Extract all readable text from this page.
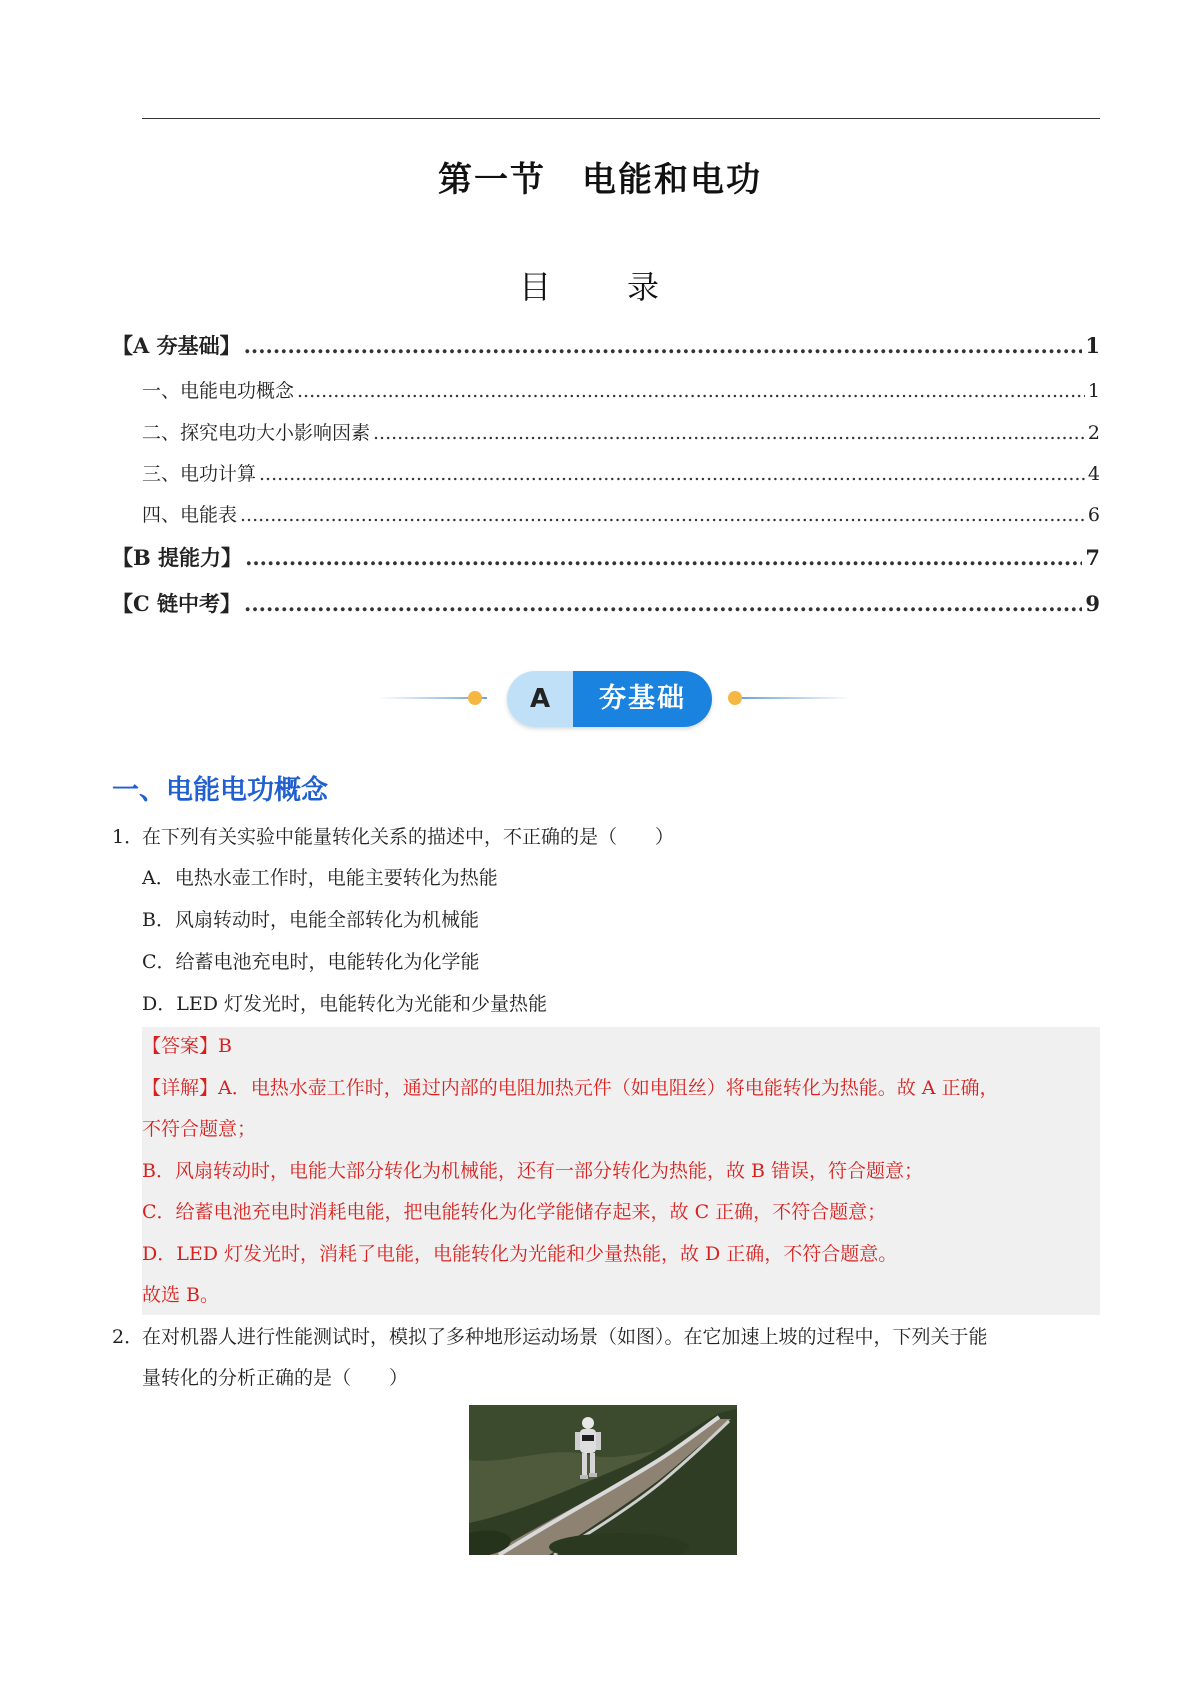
第一节　电能和电功
目　录
【A 夯基础】 .....	1
一、电能电功概念 .....	1
二、探究电功大小影响因素 .....	2
三、电功计算 .....	4
四、电能表 .....	6
【B 提能力】 .....	7
【C 链中考】 .....	9
A	夯基础
一、电能电功概念
1．在下列有关实验中能量转化关系的描述中，不正确的是（　　）
A．电热水壶工作时，电能主要转化为热能
B．风扇转动时，电能全部转化为机械能
C．给蓄电池充电时，电能转化为化学能
D．LED 灯发光时，电能转化为光能和少量热能
【答案】B
【详解】A．电热水壶工作时，通过内部的电阻加热元件（如电阻丝）将电能转化为热能。故 A 正确，
不符合题意；
B．风扇转动时，电能大部分转化为机械能，还有一部分转化为热能，故 B 错误，符合题意；
C．给蓄电池充电时消耗电能，把电能转化为化学能储存起来，故 C 正确，不符合题意；
D．LED 灯发光时，消耗了电能，电能转化为光能和少量热能，故 D 正确，不符合题意。
故选 B。
2．在对机器人进行性能测试时，模拟了多种地形运动场景（如图）。在它加速上坡的过程中，下列关于能
量转化的分析正确的是（　　）
